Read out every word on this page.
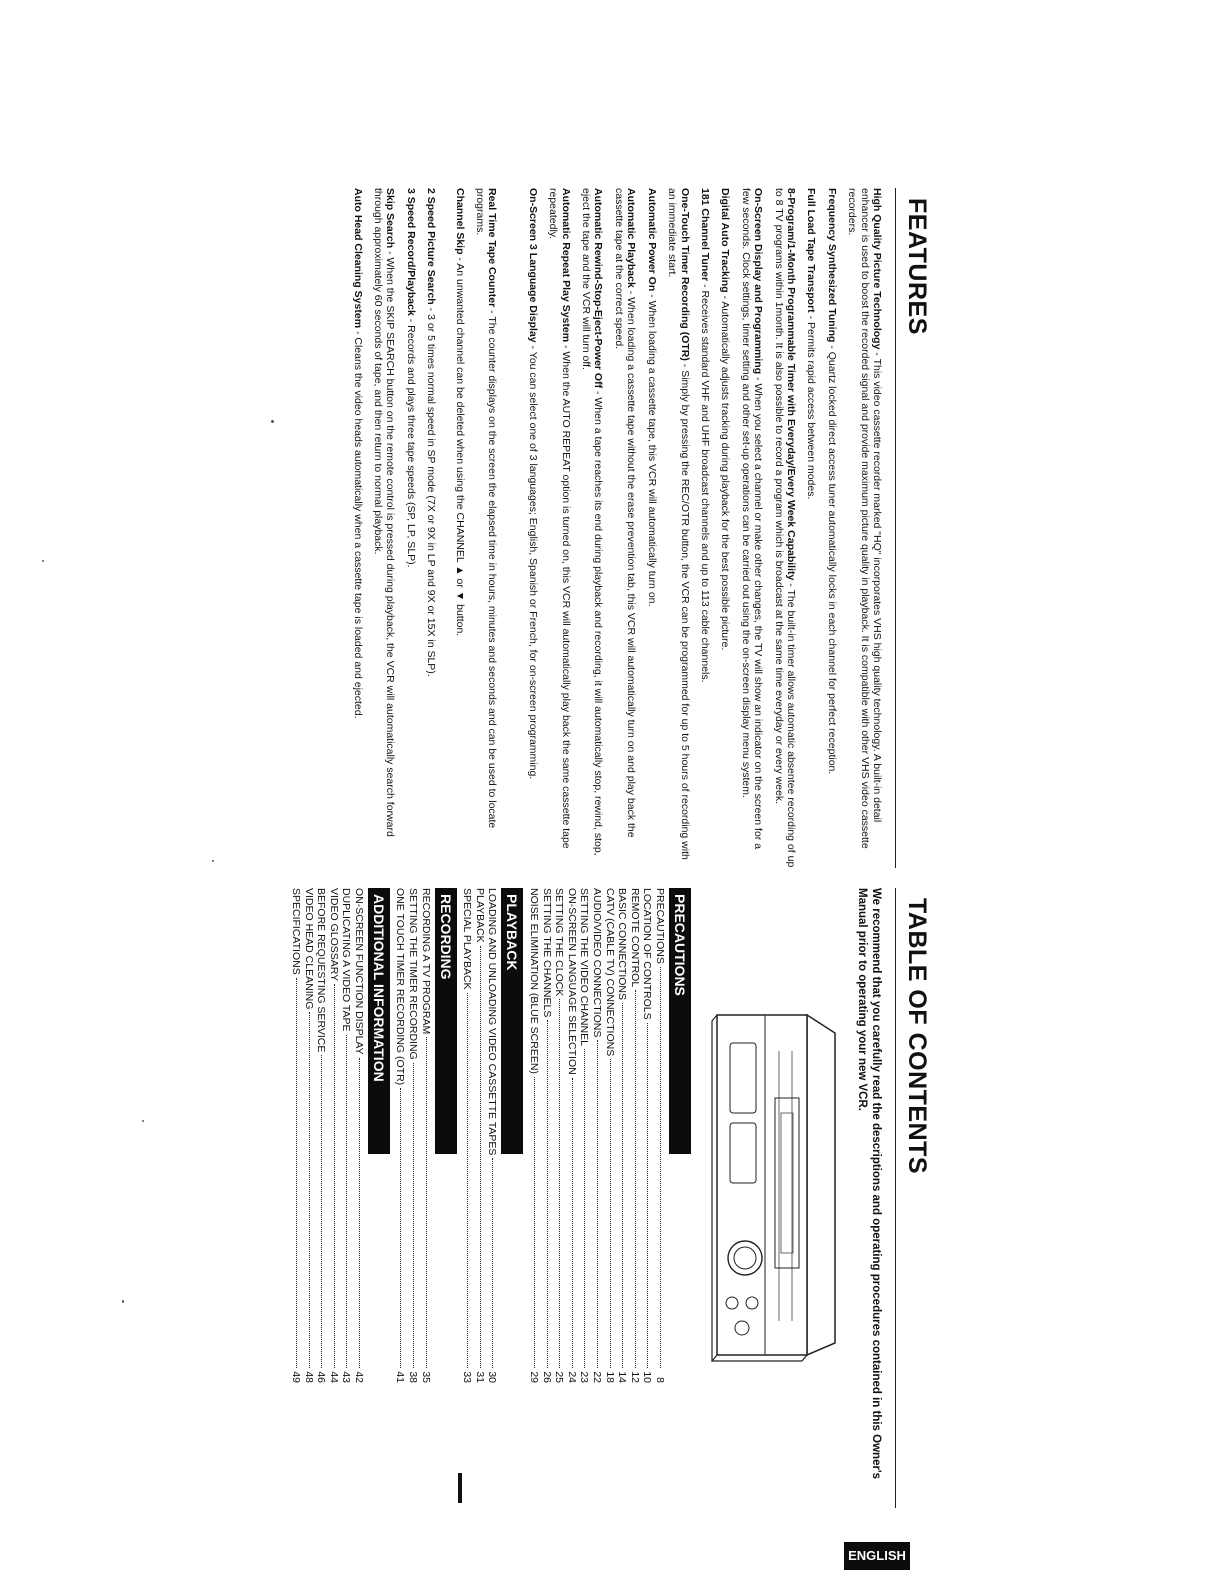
FEATURES

High Quality Picture Technology - This video cassette recorder marked "HQ" incorporates VHS high quality technology. A built-in detail enhancer is used to boost the recorded signal and provide maximum picture quality in playback. It is compatible with other VHS video cassette recorders.

Frequency Synthesized Tuning - Quartz locked direct access tuner automatically locks in each channel for perfect reception.

Full Load Tape Transport - Permits rapid access between modes.

8-Program/1-Month Programmable Timer with Everyday/Every Week Capability - The built-in timer allows automatic absentee recording of up to 8 TV programs within 1month. It is also possible to record a program which is broadcast at the same time everyday or every week.

On-Screen Display and Programming - When you select a channel or make other changes, the TV will show an indicator on the screen for a few seconds. Clock settings, timer setting and other set-up operations can be carried out using the on-screen display menu system.

Digital Auto Tracking - Automatically adjusts tracking during playback for the best possible picture.

181 Channel Tuner - Receives standard VHF and UHF broadcast channels and up to 113 cable channels.

One-Touch Timer Recording (OTR) - Simply by pressing the REC/OTR button, the VCR can be programmed for up to 5 hours of recording with an immediate start.

Automatic Power On - When loading a cassette tape, this VCR will automatically turn on.

Automatic Playback - When loading a cassette tape without the erase prevention tab, this VCR will automatically turn on and play back the cassette tape at the correct speed.

Automatic Rewind-Stop-Eject-Power Off - When a tape reaches its end during playback and recording, it will automatically stop, rewind, stop, eject the tape and the VCR will turn off.

Automatic Repeat Play System - When the AUTO REPEAT option is turned on, this VCR will automatically play back the same cassette tape repeatedly.

On-Screen 3 Language Display - You can select one of 3 languages; English, Spanish or French, for on-screen programming.

Real Time Tape Counter - The counter displays on the screen the elapsed time in hours, minutes and seconds and can be used to locate programs.

Channel Skip - An unwanted channel can be deleted when using the CHANNEL ▲ or ▼ button.

2 Speed Picture Search - 3 or 5 times normal speed in SP mode (7X or 9X in LP and 9X or 15X in SLP).

3 Speed Record/Playback - Records and plays three tape speeds (SP, LP, SLP).

Skip Search - When the SKIP SEARCH button on the remote control is pressed during playback, the VCR will automatically search forward through approximately 60 seconds of tape, and then return to normal playback.

Auto Head Cleaning System - Cleans the video heads automatically when a cassette tape is loaded and ejected.

TABLE OF CONTENTS

We recommend that you carefully read the descriptions and operating procedures contained in this Owner's Manual prior to operating your new VCR.

PRECAUTIONS
PRECAUTIONS
8
LOCATION OF CONTROLS
10
REMOTE CONTROL
12
BASIC CONNECTIONS
14
CATV (CABLE TV) CONNECTIONS
18
AUDIO/VIDEO CONNECTIONS
22
SETTING THE VIDEO CHANNEL
23
ON-SCREEN LANGUAGE SELECTION
24
SETTING THE CLOCK
25
SETTING THE CHANNELS
26
NOISE ELIMINATION (BLUE SCREEN)
29
PLAYBACK
LOADING AND UNLOADING VIDEO CASSETTE TAPES
30
PLAYBACK
31
SPECIAL PLAYBACK
33
RECORDING
RECORDING A TV PROGRAM
35
SETTING THE TIMER RECORDING
38
ONE TOUCH TIMER RECORDING (OTR)
41
ADDITIONAL INFORMATION
ON-SCREEN FUNCTION DISPLAY
42
DUPLICATING A VIDEO TAPE
43
VIDEO GLOSSARY
44
BEFORE REQUESTING SERVICE
46
VIDEO HEAD CLEANING
48
SPECIFICATIONS
49
ENGLISH
